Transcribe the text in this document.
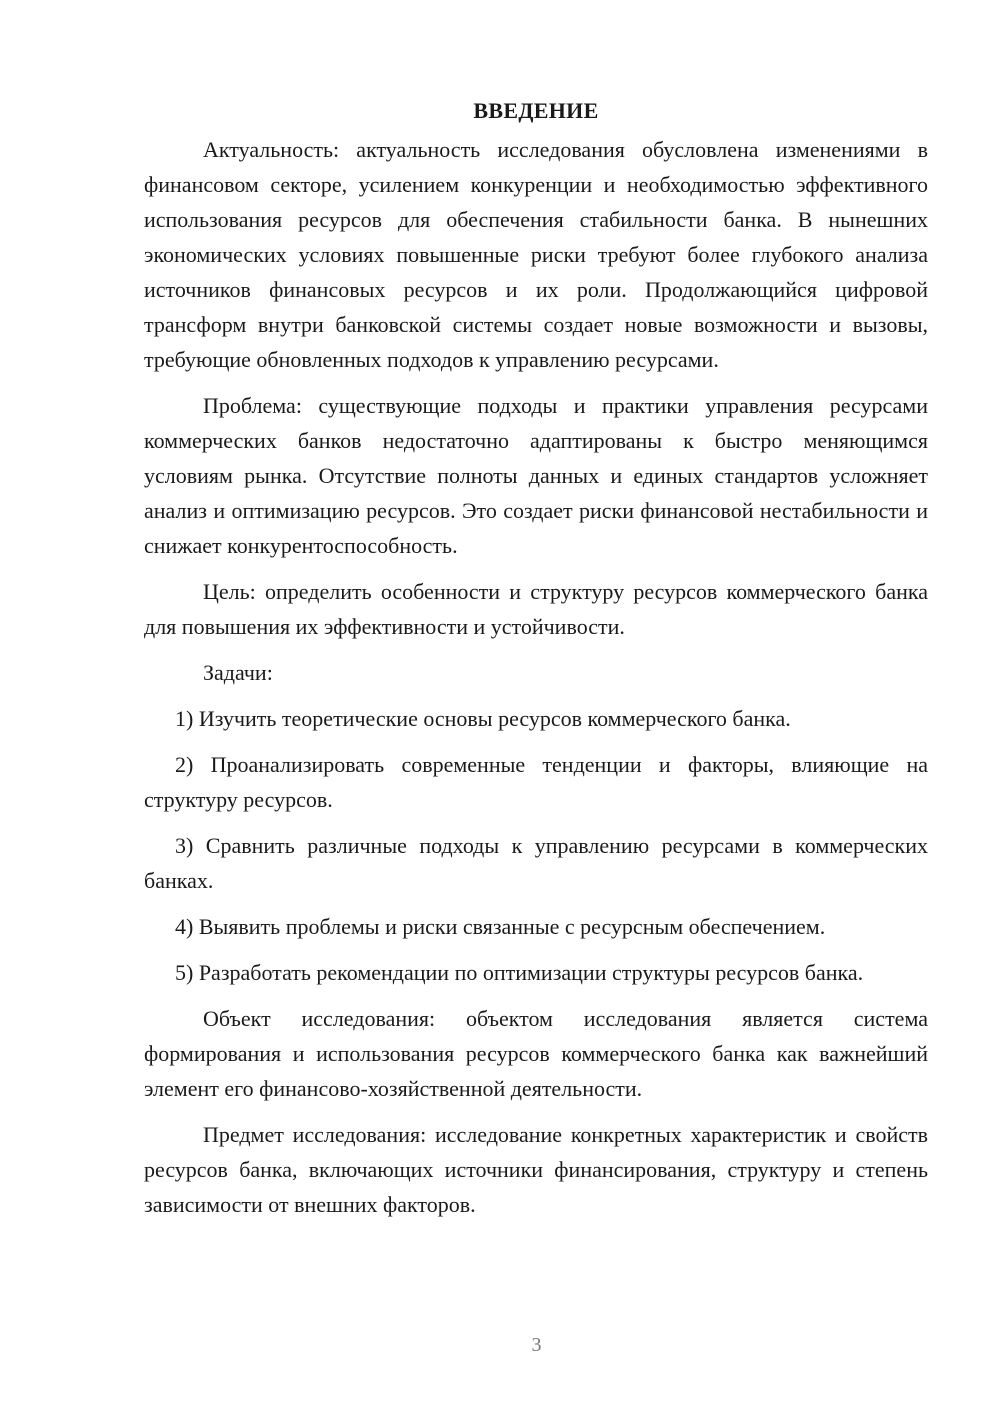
ВВЕДЕНИЕ

Актуальность: актуальность исследования обусловлена изменениями в финансовом секторе, усилением конкуренции и необходимостью эффективного использования ресурсов для обеспечения стабильности банка. В нынешних экономических условиях повышенные риски требуют более глубокого анализа источников финансовых ресурсов и их роли. Продолжающийся цифровой трансформ внутри банковской системы создает новые возможности и вызовы, требующие обновленных подходов к управлению ресурсами.

Проблема: существующие подходы и практики управления ресурсами коммерческих банков недостаточно адаптированы к быстро меняющимся условиям рынка. Отсутствие полноты данных и единых стандартов усложняет анализ и оптимизацию ресурсов. Это создает риски финансовой нестабильности и снижает конкурентоспособность.

Цель: определить особенности и структуру ресурсов коммерческого банка для повышения их эффективности и устойчивости.

Задачи:

1) Изучить теоретические основы ресурсов коммерческого банка.

2) Проанализировать современные тенденции и факторы, влияющие на структуру ресурсов.

3) Сравнить различные подходы к управлению ресурсами в коммерческих банках.

4) Выявить проблемы и риски связанные с ресурсным обеспечением.

5) Разработать рекомендации по оптимизации структуры ресурсов банка.

Объект исследования: объектом исследования является система формирования и использования ресурсов коммерческого банка как важнейший элемент его финансово-хозяйственной деятельности.

Предмет исследования: исследование конкретных характеристик и свойств ресурсов банка, включающих источники финансирования, структуру и степень зависимости от внешних факторов.

3
